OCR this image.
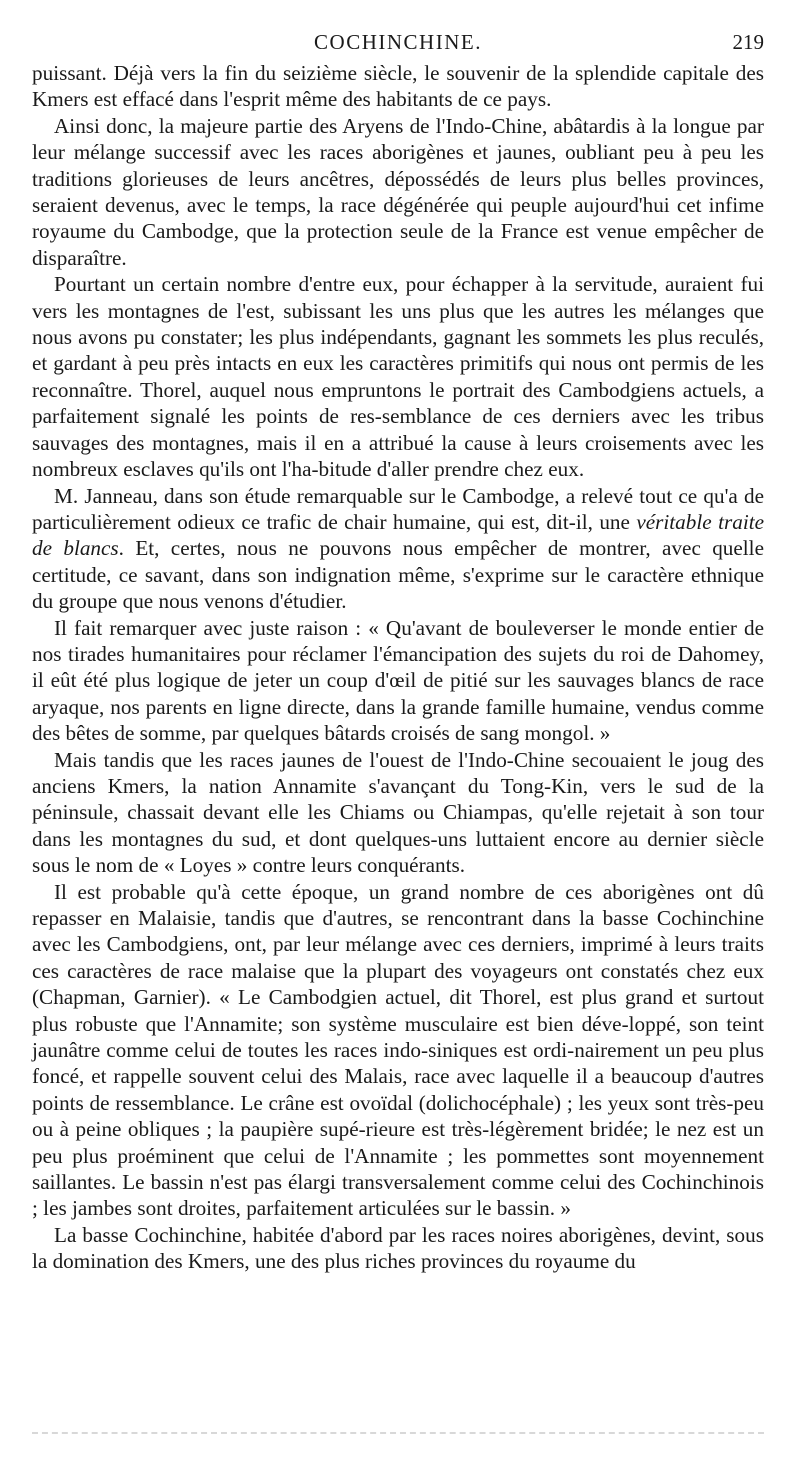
COCHINCHINE.	219

puissant. Déjà vers la fin du seizième siècle, le souvenir de la splendide capitale des Kmers est effacé dans l'esprit même des habitants de ce pays.

Ainsi donc, la majeure partie des Aryens de l'Indo-Chine, abâtardis à la longue par leur mélange successif avec les races aborigènes et jaunes, oubliant peu à peu les traditions glorieuses de leurs ancêtres, dépossédés de leurs plus belles provinces, seraient devenus, avec le temps, la race dégénérée qui peuple aujourd'hui cet infime royaume du Cambodge, que la protection seule de la France est venue empêcher de disparaître.

Pourtant un certain nombre d'entre eux, pour échapper à la servitude, auraient fui vers les montagnes de l'est, subissant les uns plus que les autres les mélanges que nous avons pu constater; les plus indépendants, gagnant les sommets les plus reculés, et gardant à peu près intacts en eux les caractères primitifs qui nous ont permis de les reconnaître. Thorel, auquel nous empruntons le portrait des Cambodgiens actuels, a parfaitement signalé les points de res-semblance de ces derniers avec les tribus sauvages des montagnes, mais il en a attribué la cause à leurs croisements avec les nombreux esclaves qu'ils ont l'ha-bitude d'aller prendre chez eux.

M. Janneau, dans son étude remarquable sur le Cambodge, a relevé tout ce qu'a de particulièrement odieux ce trafic de chair humaine, qui est, dit-il, une véritable traite de blancs. Et, certes, nous ne pouvons nous empêcher de montrer, avec quelle certitude, ce savant, dans son indignation même, s'exprime sur le caractère ethnique du groupe que nous venons d'étudier.

Il fait remarquer avec juste raison : « Qu'avant de bouleverser le monde entier de nos tirades humanitaires pour réclamer l'émancipation des sujets du roi de Dahomey, il eût été plus logique de jeter un coup d'œil de pitié sur les sauvages blancs de race aryaque, nos parents en ligne directe, dans la grande famille humaine, vendus comme des bêtes de somme, par quelques bâtards croisés de sang mongol. »

Mais tandis que les races jaunes de l'ouest de l'Indo-Chine secouaient le joug des anciens Kmers, la nation Annamite s'avançant du Tong-Kin, vers le sud de la péninsule, chassait devant elle les Chiams ou Chiampas, qu'elle rejetait à son tour dans les montagnes du sud, et dont quelques-uns luttaient encore au dernier siècle sous le nom de « Loyes » contre leurs conquérants.

Il est probable qu'à cette époque, un grand nombre de ces aborigènes ont dû repasser en Malaisie, tandis que d'autres, se rencontrant dans la basse Cochinchine avec les Cambodgiens, ont, par leur mélange avec ces derniers, imprimé à leurs traits ces caractères de race malaise que la plupart des voyageurs ont constatés chez eux (Chapman, Garnier). « Le Cambodgien actuel, dit Thorel, est plus grand et surtout plus robuste que l'Annamite; son système musculaire est bien déve-loppé, son teint jaunâtre comme celui de toutes les races indo-siniques est ordi-nairement un peu plus foncé, et rappelle souvent celui des Malais, race avec laquelle il a beaucoup d'autres points de ressemblance. Le crâne est ovoïdal (dolichocéphale) ; les yeux sont très-peu ou à peine obliques ; la paupière supé-rieure est très-légèrement bridée; le nez est un peu plus proéminent que celui de l'Annamite ; les pommettes sont moyennement saillantes. Le bassin n'est pas élargi transversalement comme celui des Cochinchinois ; les jambes sont droites, parfaitement articulées sur le bassin. »

La basse Cochinchine, habitée d'abord par les races noires aborigènes, devint, sous la domination des Kmers, une des plus riches provinces du royaume du
